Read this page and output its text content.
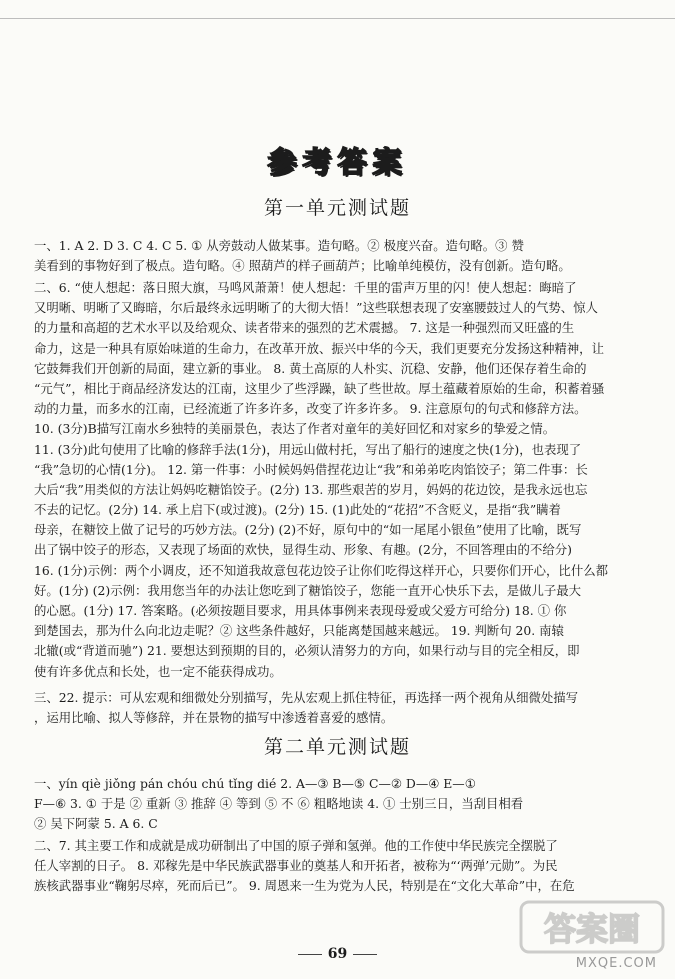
参考答案
第一单元测试题
一、1. A 2. D 3. C 4. C 5. ① 从旁鼓动人做某事。造句略。② 极度兴奋。造句略。③ 赞
美看到的事物好到了极点。造句略。④ 照葫芦的样子画葫芦；比喻单纯模仿，没有创新。造句略。
二、6. “使人想起：落日照大旗，马鸣风萧萧！使人想起：千里的雷声万里的闪！使人想起：晦暗了
又明晰、明晰了又晦暗，尔后最终永远明晰了的大彻大悟！”这些联想表现了安塞腰鼓过人的气势、惊人
的力量和高超的艺术水平以及给观众、读者带来的强烈的艺术震撼。 7. 这是一种强烈而又旺盛的生
命力，这是一种具有原始味道的生命力，在改革开放、振兴中华的今天，我们更要充分发扬这种精神，让
它鼓舞我们开创新的局面，建立新的事业。 8. 黄土高原的人朴实、沉稳、安静，他们还保存着生命的
“元气”，相比于商品经济发达的江南，这里少了些浮躁，缺了些世故。厚土蕴藏着原始的生命，积蓄着骚
动的力量，而多水的江南，已经流逝了许多许多，改变了许多许多。 9. 注意原句的句式和修辞方法。
10. (3分)B描写江南水乡独特的美丽景色，表达了作者对童年的美好回忆和对家乡的挚爱之情。
11. (3分)此句使用了比喻的修辞手法(1分)，用远山做村托，写出了船行的速度之快(1分)，也表现了
“我”急切的心情(1分)。 12. 第一件事：小时候妈妈借捏花边让“我”和弟弟吃肉馅饺子；第二件事：长
大后“我”用类似的方法让妈妈吃糖馅饺子。(2分) 13. 那些艰苦的岁月，妈妈的花边饺，是我永远也忘
不去的记忆。(2分) 14. 承上启下(或过渡)。(2分) 15. (1)此处的“花招”不含贬义，是指“我”瞒着
母亲，在糖饺上做了记号的巧妙方法。(2分) (2)不好，原句中的“如一尾尾小银鱼”使用了比喻，既写
出了锅中饺子的形态，又表现了场面的欢快，显得生动、形象、有趣。(2分，不回答理由的不给分)
16. (1分)示例：两个小调皮，还不知道我故意包花边饺子让你们吃得这样开心，只要你们开心，比什么都
好。(1分) (2)示例：我用您当年的办法让您吃到了糖馅饺子，您能一直开心快乐下去，是做儿子最大
的心愿。(1分) 17. 答案略。(必须按题目要求，用具体事例来表现母爱或父爱方可给分) 18. ① 你
到楚国去，那为什么向北边走呢？② 这些条件越好，只能离楚国越来越远。 19. 判断句 20. 南辕
北辙(或“背道而驰”) 21. 要想达到预期的目的，必须认清努力的方向，如果行动与目的完全相反，即
使有许多优点和长处，也一定不能获得成功。
三、22. 提示：可从宏观和细微处分别描写，先从宏观上抓住特征，再选择一两个视角从细微处描写
，运用比喻、拟人等修辞，并在景物的描写中渗透着喜爱的感情。
第二单元测试题
一、yín qiè jiǒng pán chóu chú tǐng dié 2. A—③ B—⑤ C—② D—④ E—①
F—⑥ 3. ① 于是 ② 重新 ③ 推辞 ④ 等到 ⑤ 不 ⑥ 粗略地读 4. ① 士别三日，当刮目相看
② 吴下阿蒙 5. A 6. C
二、7. 其主要工作和成就是成功研制出了中国的原子弹和氢弹。他的工作使中华民族完全摆脱了
任人宰割的日子。 8. 邓稼先是中华民族武器事业的奠基人和开拓者，被称为“‘两弹’元勋”。为民
族核武器事业“鞠躬尽瘁，死而后已”。 9. 周恩来一生为党为人民，特别是在“文化大革命”中，在危
69
答案圈
MXQE.COM
